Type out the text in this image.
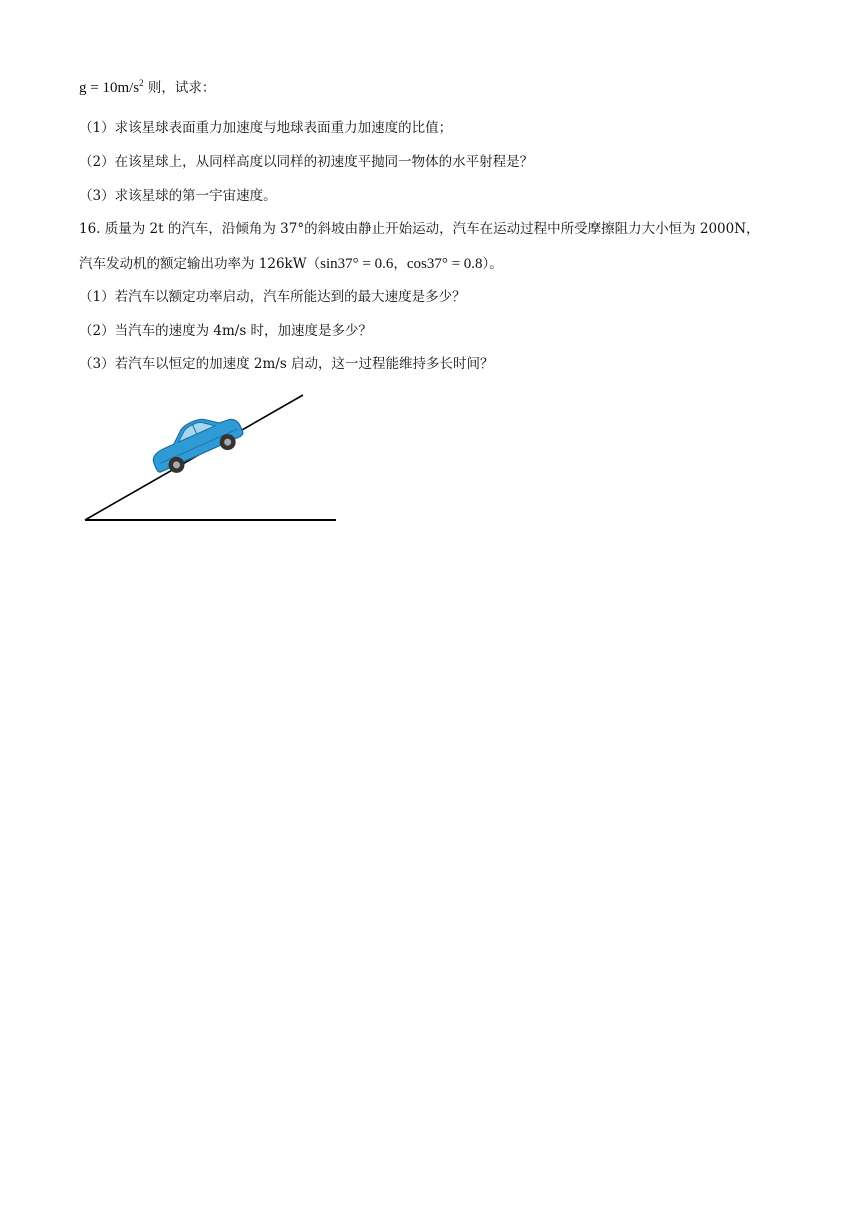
$g = 10m/s^2$ 则，试求：
（1）求该星球表面重力加速度与地球表面重力加速度的比值；
（2）在该星球上，从同样高度以同样的初速度平抛同一物体的水平射程是？
（3）求该星球的第一宇宙速度。
16. 质量为 2t 的汽车，沿倾角为 37°的斜坡由静止开始运动，汽车在运动过程中所受摩擦阻力大小恒为 2000N，
汽车发动机的额定输出功率为 126kW（sin37° = 0.6，cos37° = 0.8）。
（1）若汽车以额定功率启动，汽车所能达到的最大速度是多少？
（2）当汽车的速度为 4m/s 时，加速度是多少？
（3）若汽车以恒定的加速度 2m/s 启动，这一过程能维持多长时间？
